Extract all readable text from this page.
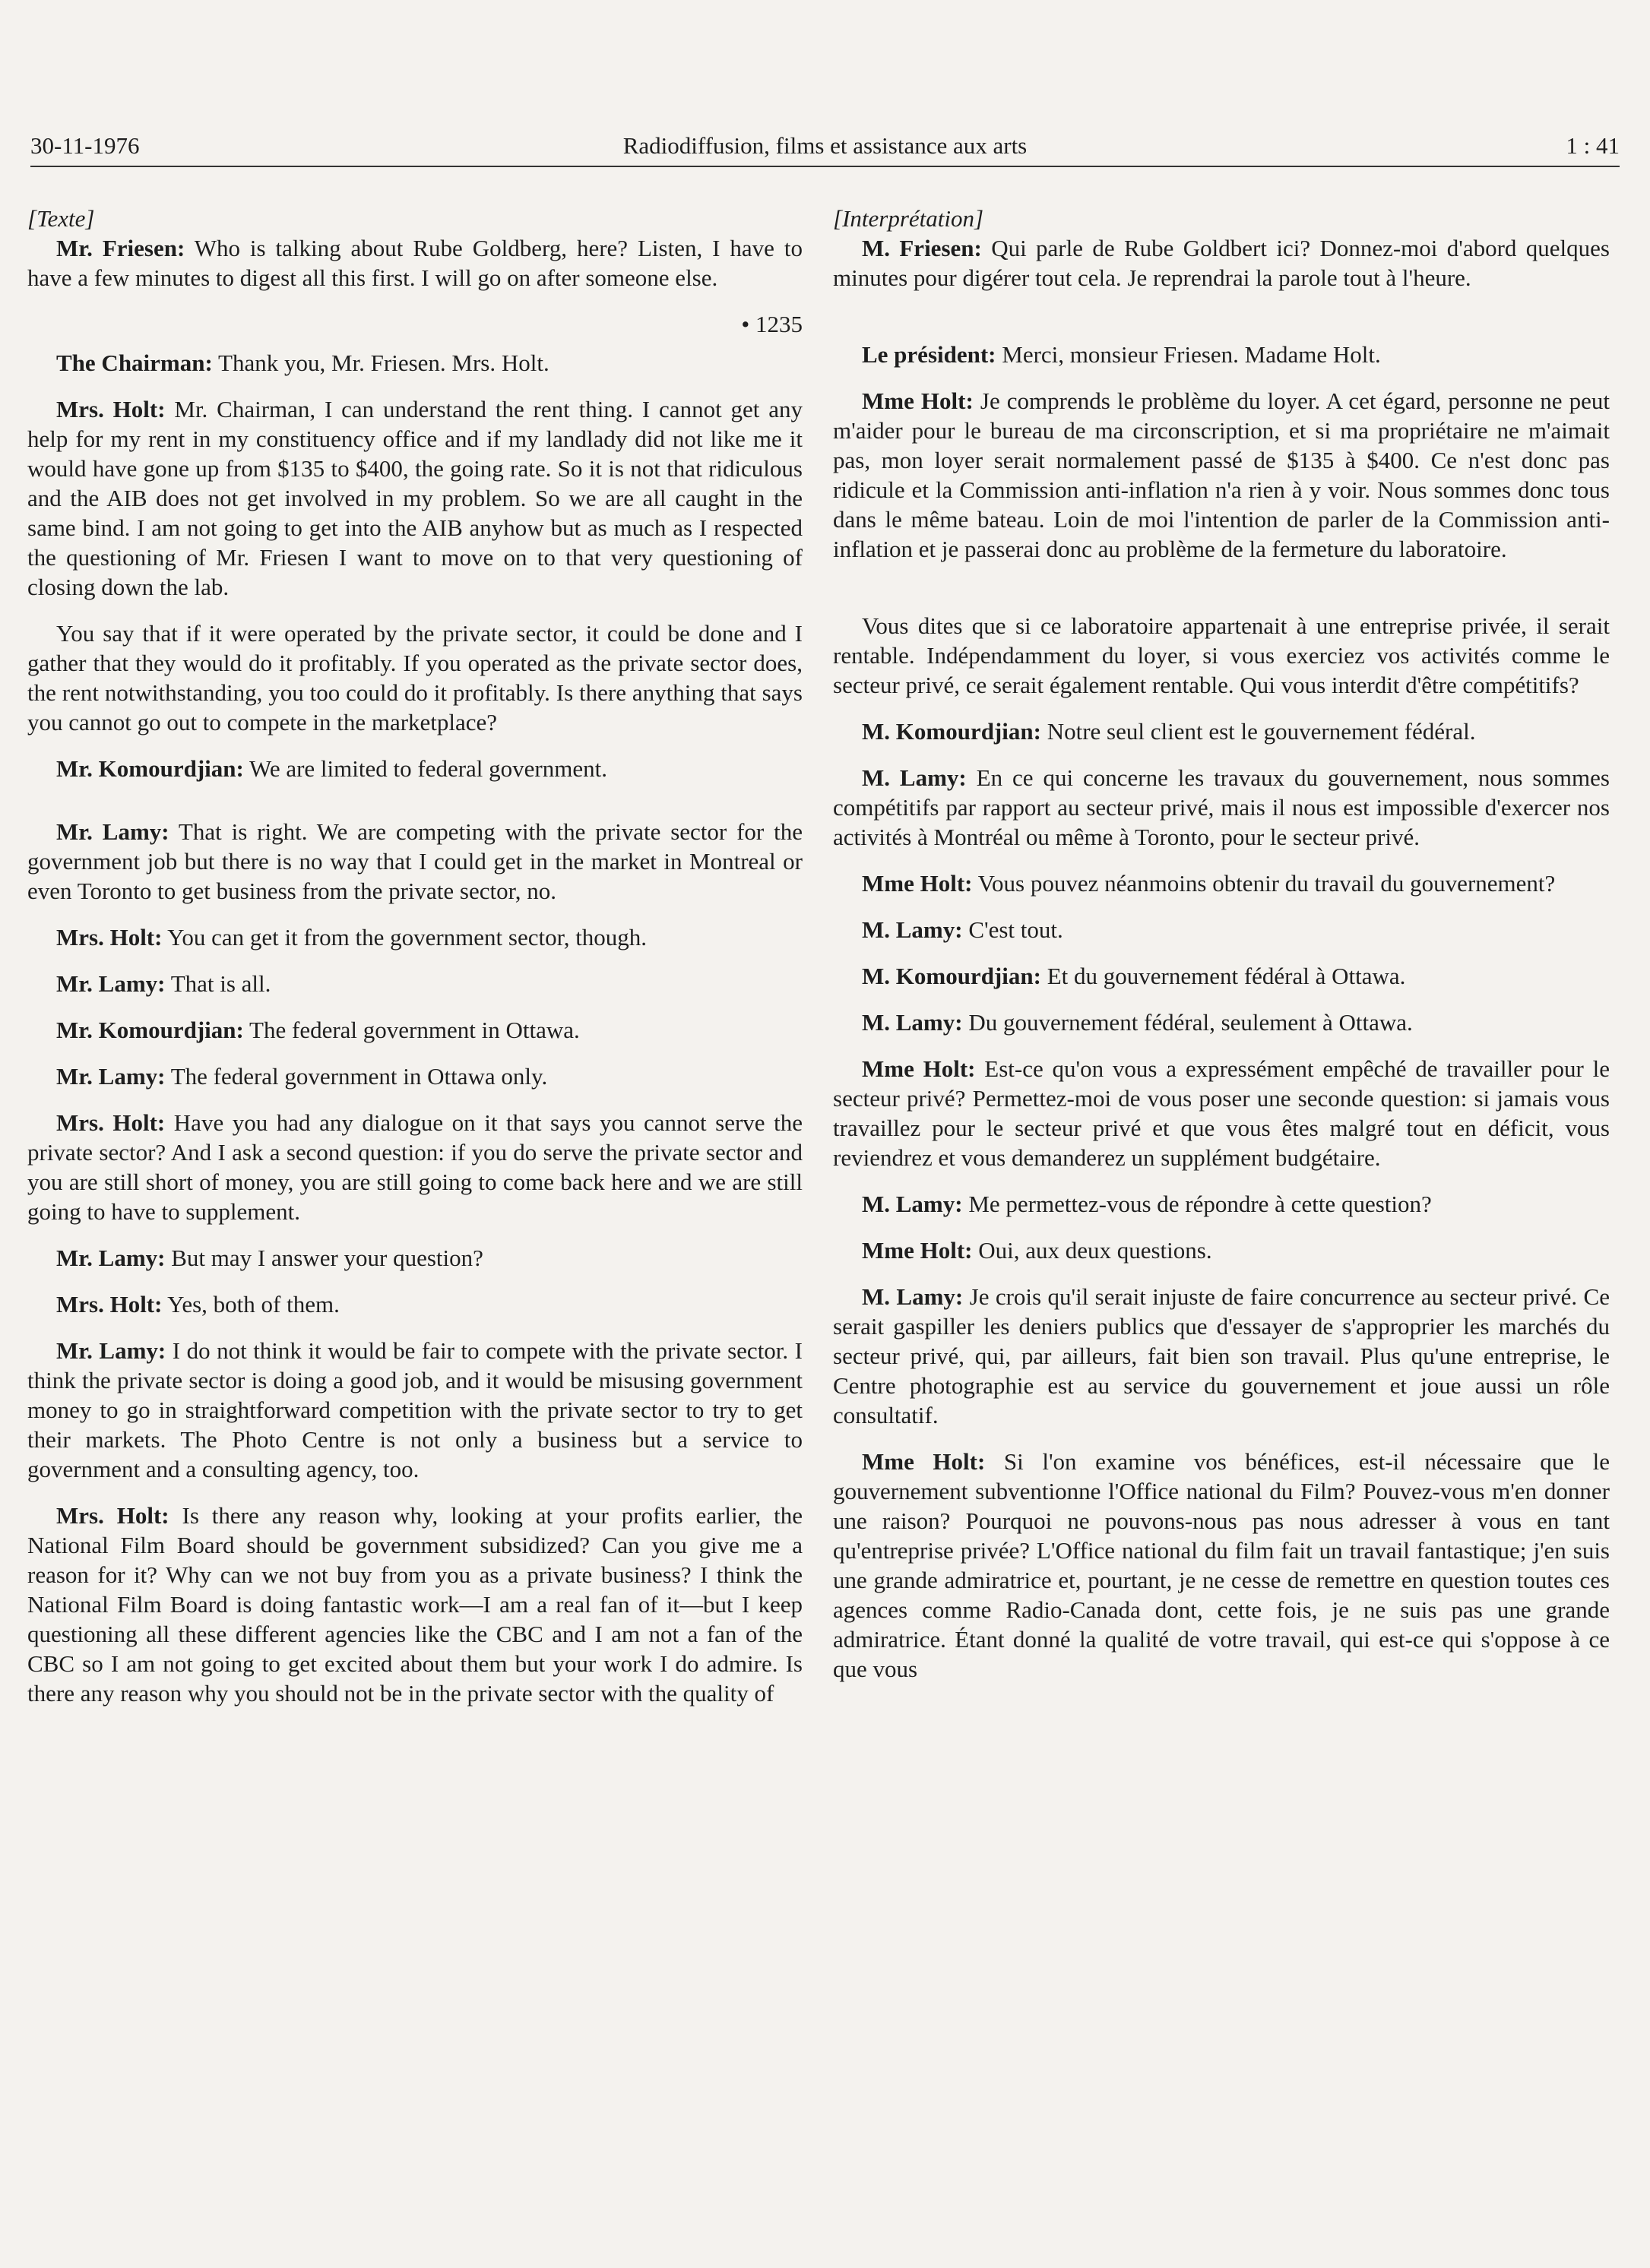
30-11-1976	Radiodiffusion, films et assistance aux arts	1 : 41

[Texte]

Mr. Friesen: Who is talking about Rube Goldberg, here? Listen, I have to have a few minutes to digest all this first. I will go on after someone else.

• 1235

The Chairman: Thank you, Mr. Friesen. Mrs. Holt.

Mrs. Holt: Mr. Chairman, I can understand the rent thing. I cannot get any help for my rent in my constituency office and if my landlady did not like me it would have gone up from $135 to $400, the going rate. So it is not that ridiculous and the AIB does not get involved in my problem. So we are all caught in the same bind. I am not going to get into the AIB anyhow but as much as I respected the questioning of Mr. Friesen I want to move on to that very questioning of closing down the lab.

You say that if it were operated by the private sector, it could be done and I gather that they would do it profitably. If you operated as the private sector does, the rent notwithstanding, you too could do it profitably. Is there anything that says you cannot go out to compete in the marketplace?

Mr. Komourdjian: We are limited to federal government.

Mr. Lamy: That is right. We are competing with the private sector for the government job but there is no way that I could get in the market in Montreal or even Toronto to get business from the private sector, no.

Mrs. Holt: You can get it from the government sector, though.

Mr. Lamy: That is all.

Mr. Komourdjian: The federal government in Ottawa.

Mr. Lamy: The federal government in Ottawa only.

Mrs. Holt: Have you had any dialogue on it that says you cannot serve the private sector? And I ask a second question: if you do serve the private sector and you are still short of money, you are still going to come back here and we are still going to have to supplement.

Mr. Lamy: But may I answer your question?

Mrs. Holt: Yes, both of them.

Mr. Lamy: I do not think it would be fair to compete with the private sector. I think the private sector is doing a good job, and it would be misusing government money to go in straightforward competition with the private sector to try to get their markets. The Photo Centre is not only a business but a service to government and a consulting agency, too.

Mrs. Holt: Is there any reason why, looking at your profits earlier, the National Film Board should be government subsidized? Can you give me a reason for it? Why can we not buy from you as a private business? I think the National Film Board is doing fantastic work—I am a real fan of it—but I keep questioning all these different agencies like the CBC and I am not a fan of the CBC so I am not going to get excited about them but your work I do admire. Is there any reason why you should not be in the private sector with the quality of

[Interprétation]

M. Friesen: Qui parle de Rube Goldbert ici? Donnez-moi d'abord quelques minutes pour digérer tout cela. Je reprendrai la parole tout à l'heure.

Le président: Merci, monsieur Friesen. Madame Holt.

Mme Holt: Je comprends le problème du loyer. A cet égard, personne ne peut m'aider pour le bureau de ma circonscription, et si ma propriétaire ne m'aimait pas, mon loyer serait normalement passé de $135 à $400. Ce n'est donc pas ridicule et la Commission anti-inflation n'a rien à y voir. Nous sommes donc tous dans le même bateau. Loin de moi l'intention de parler de la Commission anti-inflation et je passerai donc au problème de la fermeture du laboratoire.

Vous dites que si ce laboratoire appartenait à une entreprise privée, il serait rentable. Indépendamment du loyer, si vous exerciez vos activités comme le secteur privé, ce serait également rentable. Qui vous interdit d'être compétitifs?

M. Komourdjian: Notre seul client est le gouvernement fédéral.

M. Lamy: En ce qui concerne les travaux du gouvernement, nous sommes compétitifs par rapport au secteur privé, mais il nous est impossible d'exercer nos activités à Montréal ou même à Toronto, pour le secteur privé.

Mme Holt: Vous pouvez néanmoins obtenir du travail du gouvernement?

M. Lamy: C'est tout.

M. Komourdjian: Et du gouvernement fédéral à Ottawa.

M. Lamy: Du gouvernement fédéral, seulement à Ottawa.

Mme Holt: Est-ce qu'on vous a expressément empêché de travailler pour le secteur privé? Permettez-moi de vous poser une seconde question: si jamais vous travaillez pour le secteur privé et que vous êtes malgré tout en déficit, vous reviendrez et vous demanderez un supplément budgétaire.

M. Lamy: Me permettez-vous de répondre à cette question?

Mme Holt: Oui, aux deux questions.

M. Lamy: Je crois qu'il serait injuste de faire concurrence au secteur privé. Ce serait gaspiller les deniers publics que d'essayer de s'approprier les marchés du secteur privé, qui, par ailleurs, fait bien son travail. Plus qu'une entreprise, le Centre photographie est au service du gouvernement et joue aussi un rôle consultatif.

Mme Holt: Si l'on examine vos bénéfices, est-il nécessaire que le gouvernement subventionne l'Office national du Film? Pouvez-vous m'en donner une raison? Pourquoi ne pouvons-nous pas nous adresser à vous en tant qu'entreprise privée? L'Office national du film fait un travail fantastique; j'en suis une grande admiratrice et, pourtant, je ne cesse de remettre en question toutes ces agences comme Radio-Canada dont, cette fois, je ne suis pas une grande admiratrice. Étant donné la qualité de votre travail, qui est-ce qui s'oppose à ce que vous
